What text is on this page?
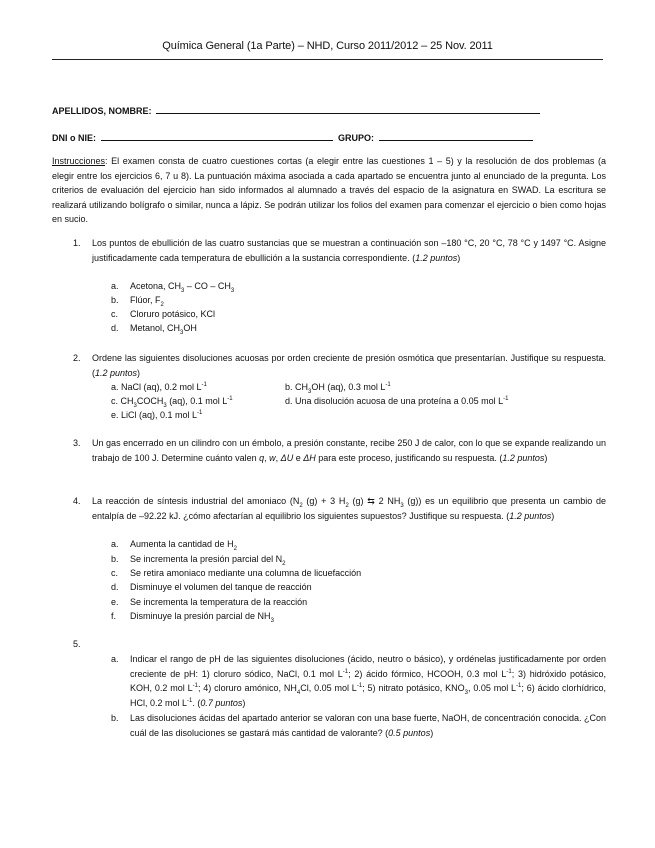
Química General (1a Parte) – NHD, Curso 2011/2012 – 25 Nov. 2011
APELLIDOS, NOMBRE:
DNI o NIE:	GRUPO:
Instrucciones: El examen consta de cuatro cuestiones cortas (a elegir entre las cuestiones 1 – 5) y la resolución de dos problemas (a elegir entre los ejercicios 6, 7 u 8). La puntuación máxima asociada a cada apartado se encuentra junto al enunciado de la pregunta. Los criterios de evaluación del ejercicio han sido informados al alumnado a través del espacio de la asignatura en SWAD. La escritura se realizará utilizando bolígrafo o similar, nunca a lápiz. Se podrán utilizar los folios del examen para comenzar el ejercicio o bien como hojas en sucio.
1. Los puntos de ebullición de las cuatro sustancias que se muestran a continuación son –180 °C, 20 °C, 78 °C y 1497 °C. Asigne justificadamente cada temperatura de ebullición a la sustancia correspondiente. (1.2 puntos)
a. Acetona, $CH_3$ – CO – $CH_3$
b. Flúor, $F_2$
c. Cloruro potásico, KCl
d. Metanol, $CH_3OH$
2. Ordene las siguientes disoluciones acuosas por orden creciente de presión osmótica que presentarían. Justifique su respuesta. (1.2 puntos)
a. NaCl (aq), 0.2 mol $L^{-1}$	b. $CH_3OH$ (aq), 0.3 mol $L^{-1}$
c. $CH_3COCH_3$ (aq), 0.1 mol $L^{-1}$	d. Una disolución acuosa de una proteína a 0.05 mol $L^{-1}$
e. LiCl (aq), 0.1 mol $L^{-1}$
3. Un gas encerrado en un cilindro con un émbolo, a presión constante, recibe 250 J de calor, con lo que se expande realizando un trabajo de 100 J. Determine cuánto valen q, w, ΔU e ΔH para este proceso, justificando su respuesta. (1.2 puntos)
4. La reacción de síntesis industrial del amoniaco ($N_2$ (g) + 3 $H_2$ (g) ⇆ 2 $NH_3$ (g)) es un equilibrio que presenta un cambio de entalpía de –92.22 kJ. ¿cómo afectarían al equilibrio los siguientes supuestos? Justifique su respuesta. (1.2 puntos)
a. Aumenta la cantidad de $H_2$
b. Se incrementa la presión parcial del $N_2$
c. Se retira amoniaco mediante una columna de licuefacción
d. Disminuye el volumen del tanque de reacción
e. Se incrementa la temperatura de la reacción
f. Disminuye la presión parcial de $NH_3$
5.
a. Indicar el rango de pH de las siguientes disoluciones (ácido, neutro o básico), y ordénelas justificadamente por orden creciente de pH: 1) cloruro sódico, NaCl, 0.1 mol $L^{-1}$; 2) ácido fórmico, HCOOH, 0.3 mol $L^{-1}$; 3) hidróxido potásico, KOH, 0.2 mol $L^{-1}$; 4) cloruro amónico, $NH_4Cl$, 0.05 mol $L^{-1}$; 5) nitrato potásico, $KNO_3$, 0.05 mol $L^{-1}$; 6) ácido clorhídrico, HCl, 0.2 mol $L^{-1}$. (0.7 puntos)
b. Las disoluciones ácidas del apartado anterior se valoran con una base fuerte, NaOH, de concentración conocida. ¿Con cuál de las disoluciones se gastará más cantidad de valorante? (0.5 puntos)
